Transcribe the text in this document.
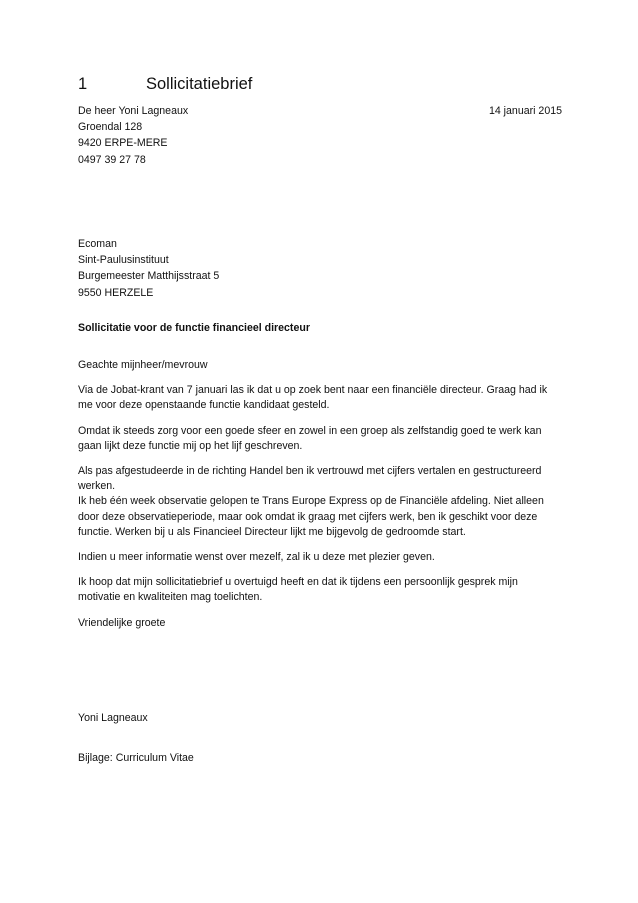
1	Sollicitatiebrief
De heer Yoni Lagneaux
Groendal 128
9420 ERPE-MERE
0497 39 27 78
14 januari 2015
Ecoman
Sint-Paulusinstituut
Burgemeester Matthijsstraat 5
9550 HERZELE
Sollicitatie voor de functie financieel directeur

Geachte mijnheer/mevrouw

Via de Jobat-krant van 7 januari las ik dat u op zoek bent naar een financiële directeur. Graag had ik
me voor deze openstaande functie kandidaat gesteld.

Omdat ik steeds zorg voor een goede sfeer en zowel in een groep als zelfstandig goed te werk kan
gaan lijkt deze functie mij op het lijf geschreven.

Als pas afgestudeerde in de richting Handel ben ik vertrouwd met cijfers vertalen en gestructureerd
werken.

Ik heb één week observatie gelopen te Trans Europe Express op de Financiële afdeling. Niet alleen
door deze observatieperiode, maar ook omdat ik graag met cijfers werk, ben ik geschikt voor deze
functie. Werken bij u als Financieel Directeur lijkt me bijgevolg de gedroomde start.

Indien u meer informatie wenst over mezelf, zal ik u deze met plezier geven.

Ik hoop dat mijn sollicitatiebrief u overtuigd heeft en dat ik tijdens een persoonlijk gesprek mijn
motivatie en kwaliteiten mag toelichten.

Vriendelijke groete

Yoni Lagneaux
Bijlage: Curriculum Vitae
